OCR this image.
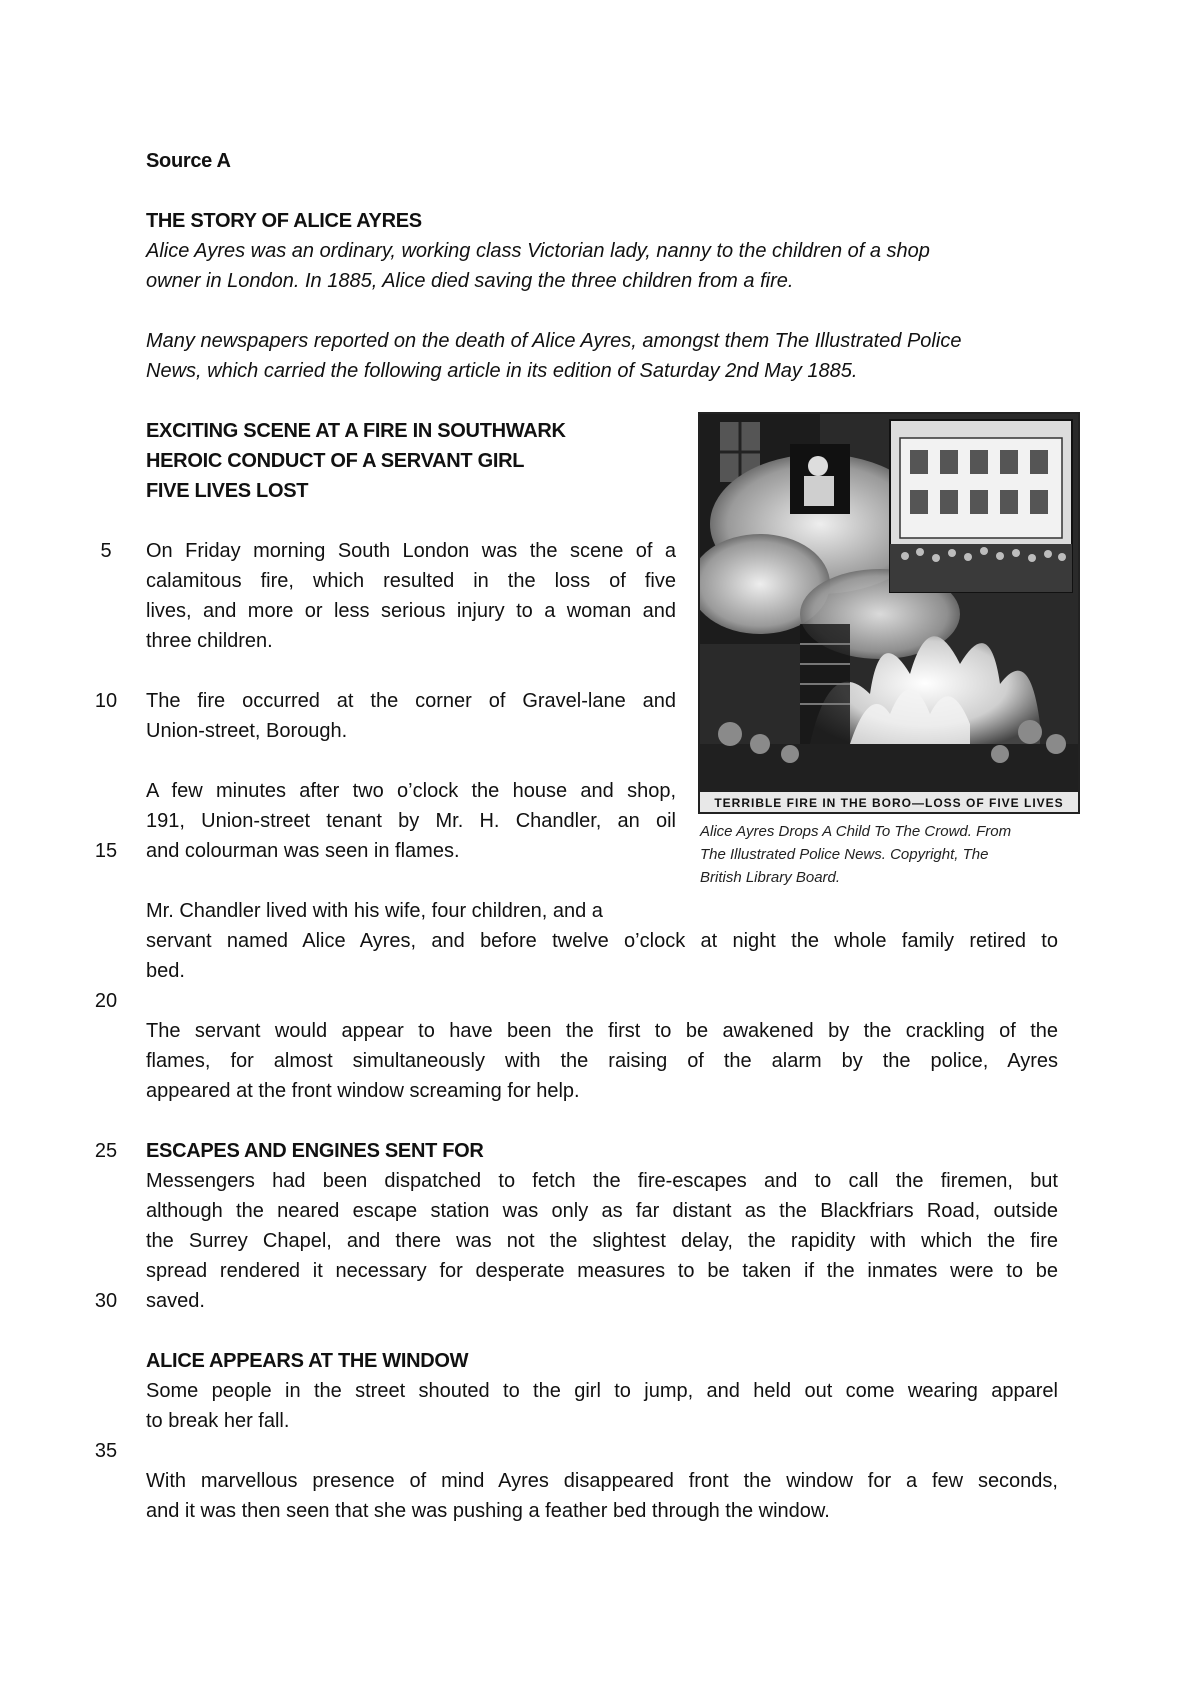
Source A
THE STORY OF ALICE AYRES
Alice Ayres was an ordinary, working class Victorian lady, nanny to the children of a shop
owner in London. In 1885, Alice died saving the three children from a fire.
Many newspapers reported on the death of Alice Ayres, amongst them The Illustrated Police
News, which carried the following article in its edition of Saturday 2nd May 1885.
EXCITING SCENE AT A FIRE IN SOUTHWARK
HEROIC CONDUCT OF A SERVANT GIRL
FIVE LIVES LOST
5
10
15
20
25
30
35
On Friday morning South London was the scene of a
calamitous fire, which resulted in the loss of five
lives, and more or less serious injury to a woman and
three children.
The fire occurred at the corner of Gravel-lane and
Union-street, Borough.
A few minutes after two o’clock the house and shop,
191, Union-street tenant by Mr. H. Chandler, an oil
and colourman was seen in flames.
Mr. Chandler lived with his wife, four children, and a
servant named Alice Ayres, and before twelve o’clock at night the whole family retired to
bed.
The servant would appear to have been the first to be awakened by the crackling of the
flames, for almost simultaneously with the raising of the alarm by the police, Ayres
appeared at the front window screaming for help.
ESCAPES AND ENGINES SENT FOR
Messengers had been dispatched to fetch the fire-escapes and to call the firemen, but
although the neared escape station was only as far distant as the Blackfriars Road, outside
the Surrey Chapel, and there was not the slightest delay, the rapidity with which the fire
spread rendered it necessary for desperate measures to be taken if the inmates were to be
saved.
ALICE APPEARS AT THE WINDOW
Some people in the street shouted to the girl to jump, and held out come wearing apparel
to break her fall.
With marvellous presence of mind Ayres disappeared front the window for a few seconds,
and it was then seen that she was pushing a feather bed through the window.
TERRIBLE FIRE IN THE BORO—LOSS OF FIVE LIVES
Alice Ayres Drops A Child To The Crowd. From
The Illustrated Police News. Copyright, The
British Library Board.
